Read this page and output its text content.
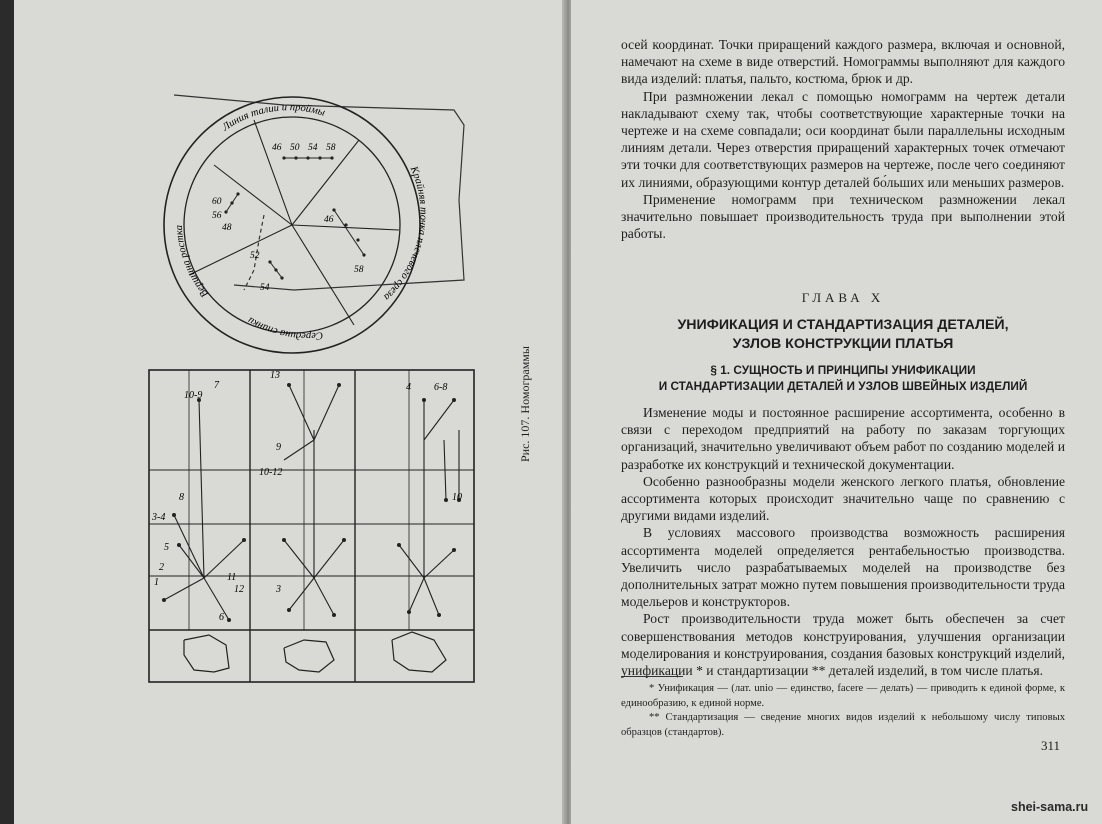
Линия талии и проймы
Вершина ростка
Крайняя точка плечевого среза
Середина спинки
46 50 54 58
60
56
48
52
54
46
58
10-9
7
13
4 6-8
9
10-12
10
3-4
8
1
5
2
11
12
6
3
Рис. 107. Номограммы

осей координат. Точки приращений каждого размера, включая и основной, намечают на схеме в виде отверстий. Номограммы выполняют для каждого вида изделий: платья, пальто, костюма, брюк и др.

При размножении лекал с помощью номограмм на чертеж детали накладывают схему так, чтобы соответствующие характерные точки на чертеже и на схеме совпадали; оси координат были параллельны исходным линиям детали. Через отверстия приращений характерных точек отмечают эти точки для соответствующих размеров на чертеже, после чего соединяют их линиями, образующими контур деталей бо́льших или меньших размеров.

Применение номограмм при техническом размножении лекал значительно повышает производительность труда при выполнении этой работы.

ГЛАВА X
УНИФИКАЦИЯ И СТАНДАРТИЗАЦИЯ ДЕТАЛЕЙ,
УЗЛОВ КОНСТРУКЦИИ ПЛАТЬЯ
§ 1. СУЩНОСТЬ И ПРИНЦИПЫ УНИФИКАЦИИ
И СТАНДАРТИЗАЦИИ ДЕТАЛЕЙ И УЗЛОВ ШВЕЙНЫХ ИЗДЕЛИЙ

Изменение моды и постоянное расширение ассортимента, особенно в связи с переходом предприятий на работу по заказам торгующих организаций, значительно увеличивают объем работ по созданию моделей и разработке их конструкций и технической документации.

Особенно разнообразны модели женского легкого платья, обновление ассортимента которых происходит значительно чаще по сравнению с другими видами изделий.

В условиях массового производства возможность расширения ассортимента моделей определяется рентабельностью производства. Увеличить число разрабатываемых моделей на производстве без дополнительных затрат можно путем повышения производительности труда модельеров и конструкторов.

Рост производительности труда может быть обеспечен за счет совершенствования методов конструирования, улучшения организации моделирования и конструирования, создания базовых конструкций изделий, унификации * и стандартизации ** деталей изделий, в том числе платья.

* Унификация — (лат. unio — единство, facere — делать) — приводить к единой форме, к единообразию, к единой норме.

** Стандартизация — сведение многих видов изделий к небольшому числу типовых образцов (стандартов).

311
shei-sama.ru
